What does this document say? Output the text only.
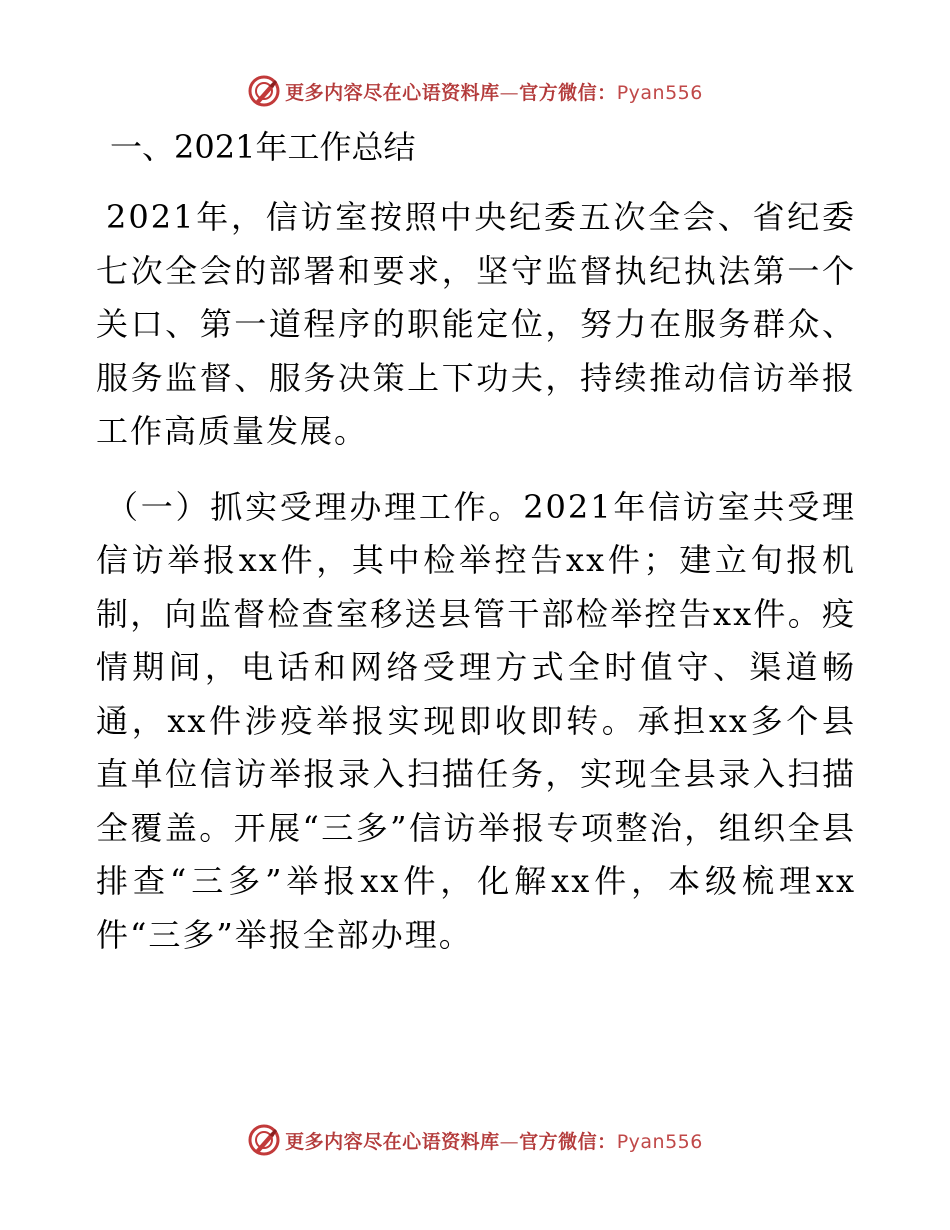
更多内容尽在心语资料库—官方微信：Pyan556
一、2021年工作总结

2021年，信访室按照中央纪委五次全会、省纪委七次全会的部署和要求，坚守监督执纪执法第一个关口、第一道程序的职能定位，努力在服务群众、服务监督、服务决策上下功夫，持续推动信访举报工作高质量发展。

（一）抓实受理办理工作。2021年信访室共受理信访举报xx件，其中检举控告xx件；建立旬报机制，向监督检查室移送县管干部检举控告xx件。疫情期间，电话和网络受理方式全时值守、渠道畅通，xx件涉疫举报实现即收即转。承担xx多个县直单位信访举报录入扫描任务，实现全县录入扫描全覆盖。开展“三多”信访举报专项整治，组织全县排查“三多”举报xx件，化解xx件，本级梳理xx件“三多”举报全部办理。

更多内容尽在心语资料库—官方微信：Pyan556
